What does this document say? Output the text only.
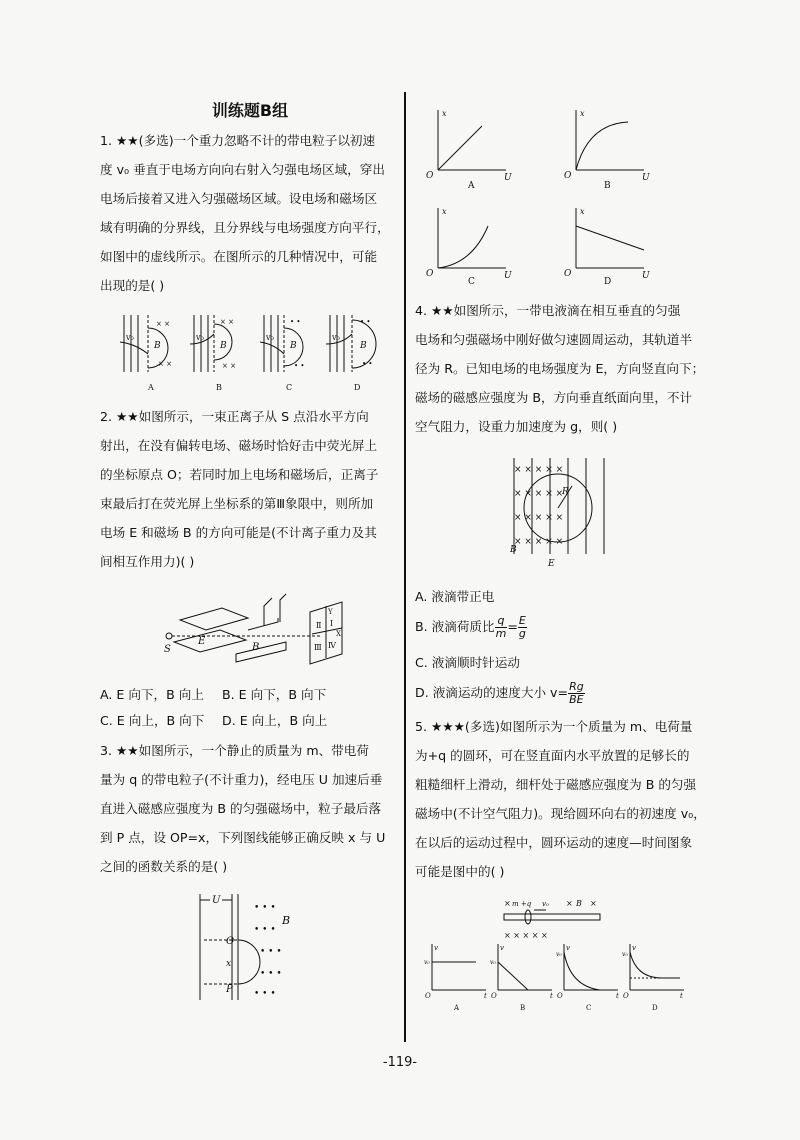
训练题B组

1. ★★(多选)一个重力忽略不计的带电粒子以初速

度 v₀ 垂直于电场方向向右射入匀强电场区域，穿出

电场后接着又进入匀强磁场区域。设电场和磁场区

域有明确的分界线，且分界线与电场强度方向平行，

如图中的虚线所示。在图所示的几种情况中，可能

出现的是( )

× ×
× ×
× ×
× ×
• •
• •
• •
• •
v₀	v₀	v₀	v₀
B	B	B	B
A	B	C	D

2. ★★如图所示，一束正离子从 S 点沿水平方向

射出，在没有偏转电场、磁场时恰好击中荧光屏上

的坐标原点 O；若同时加上电场和磁场后，正离子

束最后打在荧光屏上坐标系的第Ⅲ象限中，则所加

电场 E 和磁场 B 的方向可能是(不计离子重力及其

间相互作用力)( )

S
E
B
Y
X
Ⅱ Ⅰ
Ⅲ Ⅳ
A. E 向下，B 向上 B. E 向下，B 向下
C. E 向上，B 向下 D. E 向上，B 向上

3. ★★如图所示，一个静止的质量为 m、带电荷

量为 q 的带电粒子(不计重力)，经电压 U 加速后垂

直进入磁感应强度为 B 的匀强磁场中，粒子最后落

到 P 点，设 OP=x，下列图线能够正确反映 x 与 U

之间的函数关系的是( )

U
B
O
x
P
• • •
• • •
• • •
• • •
• • •
x	x
x	x
O	O
O	O
U	U
U	U
A	B
C	D

4. ★★如图所示，一带电液滴在相互垂直的匀强

电场和匀强磁场中刚好做匀速圆周运动，其轨道半

径为 R。已知电场的电场强度为 E，方向竖直向下；

磁场的磁感应强度为 B，方向垂直纸面向里，不计

空气阻力，设重力加速度为 g，则( )

× × × × ×
× × × × ×
× × × × ×
× × × × ×
R
B
E
A. 液滴带正电
B. 液滴荷质比 $\frac{q}{m} = \frac{E}{g}$
C. 液滴顺时针运动
D. 液滴运动的速度大小 $v= \frac{Rg}{BE}$

5. ★★★(多选)如图所示为一个质量为 m、电荷量

为+q 的圆环，可在竖直面内水平放置的足够长的

粗糙细杆上滑动，细杆处于磁感应强度为 B 的匀强

磁场中(不计空气阻力)。现给圆环向右的初速度 v₀，

在以后的运动过程中，圆环运动的速度—时间图象

可能是图中的( )

× m +q v₀ × B ×
× × × × ×
v	v	v	v
v₀	v₀
v₀	v₀
O	O	O	O
t	t	t	t
A	B	C	D
-119-
